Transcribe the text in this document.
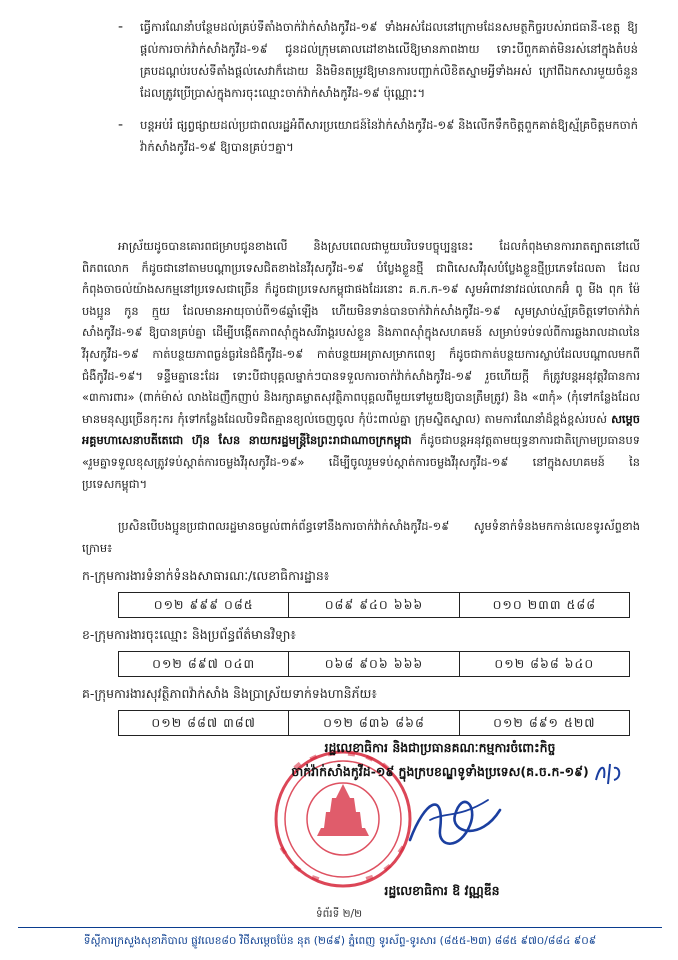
-	ធ្វើការណែនាំបន្ថែមដល់គ្រប់ទីតាំងចាក់វ៉ាក់សាំងកូវីដ-១៩ ទាំងអស់ដែលនៅក្រោមដែនសមត្ថកិច្ចរបស់រាជធានី-ខេត្ត ឱ្យផ្តល់ការចាក់វ៉ាក់សាំងកូវីដ-១៩ ជូនដល់ក្រុមគោលដៅខាងលើឱ្យមានភាពងាយ ទោះបីពួកគាត់មិនរស់នៅក្នុងតំបន់គ្របដណ្តប់របស់ទីតាំងផ្តល់សេវាក៏ដោយ និងមិនតម្រូវឱ្យមានការបញ្ជាក់លិខិតស្នាមអ្វីទាំងអស់ ក្រៅពីឯកសារមួយចំនួនដែលត្រូវប្រើប្រាស់ក្នុងការចុះឈ្មោះចាក់វ៉ាក់សាំងកូវីដ-១៩ ប៉ុណ្ណោះ។
-	បន្តអប់រំ ផ្សព្វផ្សាយដល់ប្រជាពលរដ្ឋអំពីសារប្រយោជន៍នៃវ៉ាក់សាំងកូវីដ-១៩ និងលើកទឹកចិត្តពួកគាត់ឱ្យស្ម័គ្រចិត្តមកចាក់វ៉ាក់សាំងកូវីដ-១៩ ឱ្យបានគ្រប់ៗគ្នា។
អាស្រ័យដូចបានគោរពជម្រាបជូនខាងលើ និងស្របពេលជាមួយបរិបទបច្ចុប្បន្ននេះ ដែលកំពុងមានការរាតត្បាតនៅលើពិភពលោក ក៏ដូចជានៅតាមបណ្តាប្រទេសជិតខាងនៃវីរុសកូវីដ-១៩ បំប្លែងខ្លួនថ្មី ជាពិសេសវីរុសបំប្លែងខ្លួនថ្មីប្រភេទដែលតា ដែលកំពុងចាចល់យ៉ាងសកម្មនៅប្រទេសជាច្រើន ក៏ដូចជាប្រទេសកម្ពុជាផងដែរនោះ គ.ក.ក-១៩ សូមអំពាវនាវដល់លោកអ៊ំ ពូ មីង ពុក ម៉ែ បងប្អូន កូន ក្មួយ ដែលមានអាយុចាប់ពី១៨ឆ្នាំឡើង ហើយមិនទាន់បានចាក់វ៉ាក់សាំងកូវីដ-១៩ សូមស្រាប់ស្ម័គ្រចិត្តទៅចាក់វ៉ាក់សាំងកូវីដ-១៩ ឱ្យបានគ្រប់គ្នា ដើម្បីបង្កើតភាពស៊ាំក្នុងសរីរាង្គរបស់ខ្លួន និងភាពស៊ាំក្នុងសហគមន៍ សម្រាប់ទប់ទល់ពីការឆ្លងរាលដាលនៃវីរុសកូវីដ-១៩ កាត់បន្ថយភាពធ្ងន់ធ្ងរនៃជំងឺកូវីដ-១៩ កាត់បន្ថយអត្រាសម្រាកពេទ្យ ក៏ដូចជាកាត់បន្ថយការស្លាប់ដែលបណ្តាលមកពីជំងឺកូវីដ-១៩។ ទន្ទឹមគ្នានេះដែរ ទោះបីជាបុគ្គលម្នាក់ៗបានទទួលការចាក់វ៉ាក់សាំងកូវីដ-១៩ រួចហើយក្តី ក៏ត្រូវបន្តអនុវត្តវិធានការ «៣ការពារ» (ពាក់ម៉ាស់ លាងដៃញឹកញាប់ និងរក្សាគម្លាតសុវត្ថិភាពបុគ្គលពីមួយទៅមួយឱ្យបានត្រឹមត្រូវ) និង «៣កុំ» (កុំទៅកន្លែងដែលមានមនុស្សច្រើនកុះករ កុំទៅកន្លែងដែលបិទជិតគ្មានខ្យល់ចេញចូល កុំប៉ះពាល់គ្នា ក្រុមស្និតស្នាល) តាមការណែនាំដ៏ខ្ពង់ខ្ពស់របស់ សម្តេចអគ្គមហាសេនាបតីតេជោ ហ៊ុន សែន នាយករដ្ឋមន្ត្រីនៃព្រះរាជាណាចក្រកម្ពុជា ក៏ដូចជាបន្តអនុវត្តតាមយុទ្ធនាការជាតិក្រោមប្រធានបទ «រួមគ្នាទទួលខុសត្រូវទប់ស្កាត់ការចម្លងវីរុសកូវីដ-១៩» ដើម្បីចូលរួមទប់ស្កាត់ការចម្លងវីរុសកូវីដ-១៩ នៅក្នុងសហគមន៍ នៃប្រទេសកម្ពុជា។
ប្រសិនបើបងប្អូនប្រជាពលរដ្ឋមានចម្ងល់ពាក់ព័ន្ធទៅនឹងការចាក់វ៉ាក់សាំងកូវីដ-១៩ សូមទំនាក់ទំនងមកកាន់លេខទូរស័ព្ទខាងក្រោម៖
ក-ក្រុមការងារទំនាក់ទំនងសាធារណៈ/លេខាធិការដ្ឋាន៖
០១២ ៩៩៩ ០៨៥	០៨៩ ៩៤០ ៦៦៦	០១០ ២៣៣ ៥៨៨
ខ-ក្រុមការងារចុះឈ្មោះ និងប្រព័ន្ធព័ត៌មានវិទ្យា៖
០១២ ៨៩៧ ០៤៣	០៦៨ ៩០៦ ៦៦៦	០១២ ៨៦៨ ៦៤០
គ-ក្រុមការងារសុវត្ថិភាពវ៉ាក់សាំង និងប្រាស្រ័យទាក់ទងហានិភ័យ៖
០១២ ៨៨៧ ៣៨៧	០១២ ៨៣៦ ៨៦៨	០១២ ៨៩១ ៥២៧
រដ្ឋលេខាធិការ និងជាប្រធានគណៈកម្មការចំពោះកិច្ច
ចាក់វ៉ាក់សាំងកូវីដ-១៩ ក្នុងក្របខណ្ឌទូទាំងប្រទេស(គ.ច.ក-១៩)
រដ្ឋលេខាធិការ ឱ វណ្ណឌីន
ទំព័រទី ២/២
ទីស្តីការក្រសួងសុខាភិបាល ផ្លូវលេខ៨០ វិថីសម្តេចប៉ែន នុត (២៨៩) ភ្នំពេញ ទូរស័ព្ទ-ទូរសារ (៨៥៥-២៣) ៨៨៥ ៩៧០/៨៨៤ ៩០៩
